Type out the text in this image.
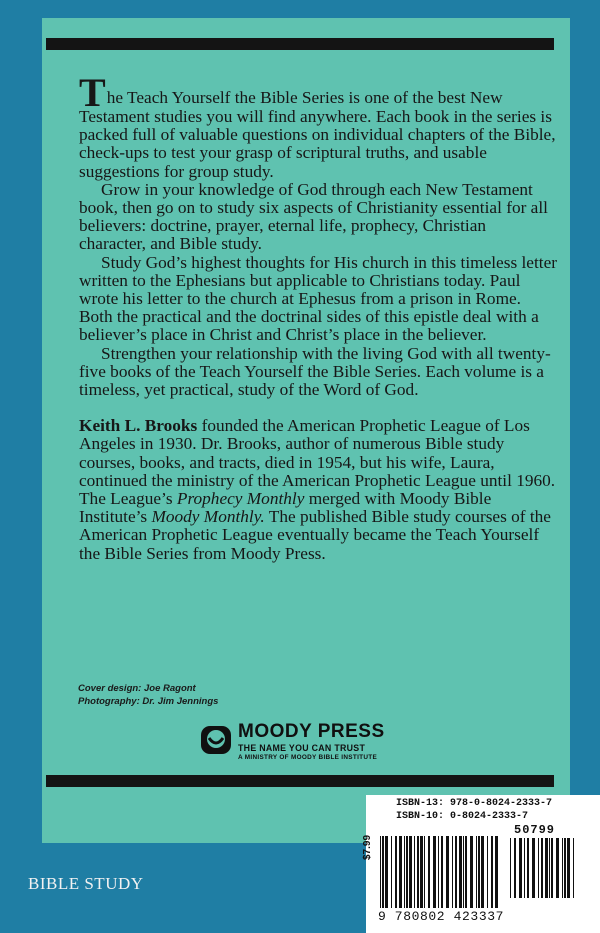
The Teach Yourself the Bible Series is one of the best New Testament studies you will find anywhere. Each book in the series is packed full of valuable questions on individual chapters of the Bible, check-ups to test your grasp of scriptural truths, and usable suggestions for group study.

Grow in your knowledge of God through each New Testament book, then go on to study six aspects of Christianity essential for all believers: doctrine, prayer, eternal life, prophecy, Christian character, and Bible study.

Study God’s highest thoughts for His church in this timeless letter written to the Ephesians but applicable to Christians today. Paul wrote his letter to the church at Ephesus from a prison in Rome. Both the practical and the doctrinal sides of this epistle deal with a believer’s place in Christ and Christ’s place in the believer.

Strengthen your relationship with the living God with all twenty-five books of the Teach Yourself the Bible Series. Each volume is a timeless, yet practical, study of the Word of God.

Keith L. Brooks founded the American Prophetic League of Los Angeles in 1930. Dr. Brooks, author of numerous Bible study courses, books, and tracts, died in 1954, but his wife, Laura, continued the ministry of the American Prophetic League until 1960. The League’s Prophecy Monthly merged with Moody Bible Institute’s Moody Monthly. The published Bible study courses of the American Prophetic League eventually became the Teach Yourself the Bible Series from Moody Press.

Cover design: Joe Ragont
Photography: Dr. Jim Jennings
MOODY PRESS
THE NAME YOU CAN TRUST
A MINISTRY OF MOODY BIBLE INSTITUTE
BIBLE STUDY
ISBN-13: 978-0-8024-2333-7
ISBN-10: 0-8024-2333-7
50799
$7.99
9 780802 423337
